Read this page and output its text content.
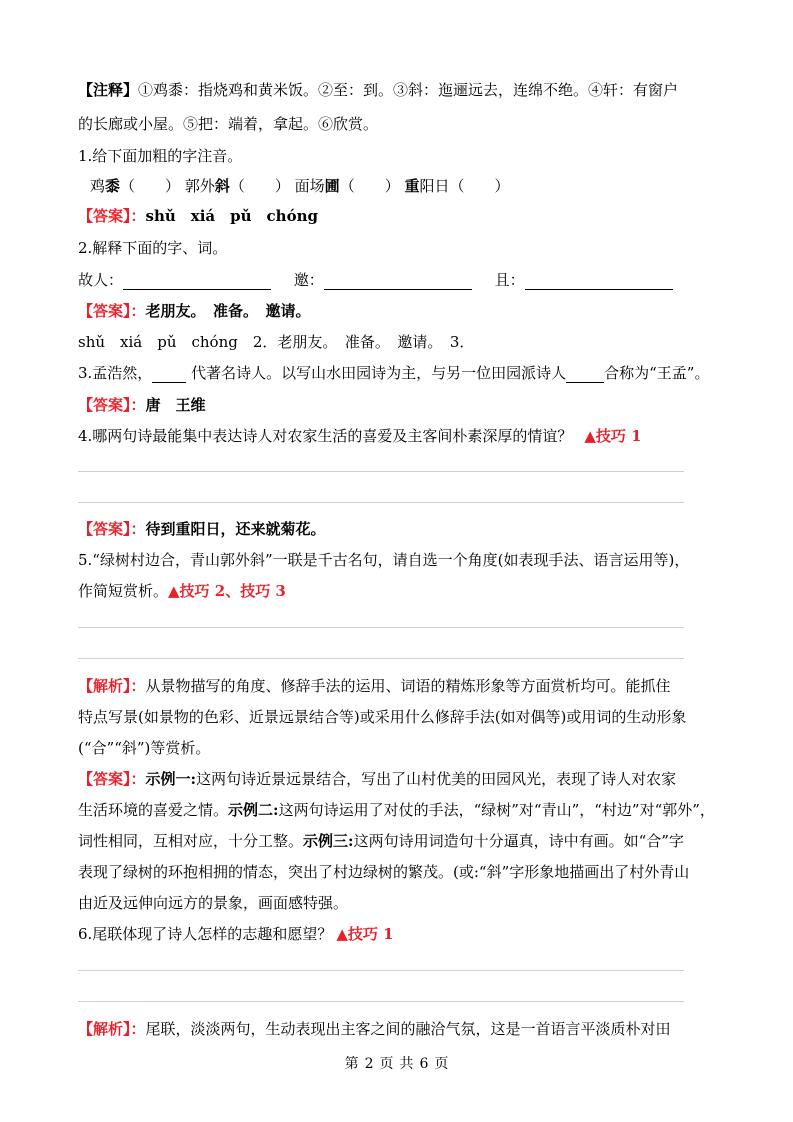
【注释】①鸡黍：指烧鸡和黄米饭。②至：到。③斜：迤逦远去，连绵不绝。④轩：有窗户
的长廊或小屋。⑤把：端着，拿起。⑥欣赏。
1.给下面加粗的字注音。
鸡黍（　　） 郭外斜（　　） 面场圃（　　） 重阳日（　　）
【答案】：shǔ　xiá　pǔ　chóng
2.解释下面的字、词。
故人：	邀：	且：
【答案】：老朋友。　准备。　邀请。
shǔ　xiá　pǔ　chóng　2．老朋友。　准备。　邀请。　3．
3.孟浩然，	代著名诗人。以写山水田园诗为主，与另一位田园派诗人	合称为“王孟”。
【答案】：唐　王维
4.哪两句诗最能集中表达诗人对农家生活的喜爱及主客间朴素深厚的情谊？ ▲技巧 1
【答案】：待到重阳日，还来就菊花。
5.“绿树村边合，青山郭外斜”一联是千古名句，请自选一个角度(如表现手法、语言运用等)，
作简短赏析。▲技巧 2、技巧 3
【解析】：从景物描写的角度、修辞手法的运用、词语的精炼形象等方面赏析均可。能抓住
特点写景(如景物的色彩、近景远景结合等)或采用什么修辞手法(如对偶等)或用词的生动形象
(“合”“斜”)等赏析。
【答案】：示例一:这两句诗近景远景结合，写出了山村优美的田园风光，表现了诗人对农家
生活环境的喜爱之情。示例二:这两句诗运用了对仗的手法，“绿树”对“青山”，“村边”对“郭外”，
词性相同，互相对应，十分工整。示例三:这两句诗用词造句十分逼真，诗中有画。如“合”字
表现了绿树的环抱相拥的情态，突出了村边绿树的繁茂。(或:“斜”字形象地描画出了村外青山
由近及远伸向远方的景象，画面感特强。
6.尾联体现了诗人怎样的志趣和愿望？ ▲技巧 1
【解析】：尾联，淡淡两句，生动表现出主客之间的融洽气氛，这是一首语言平淡质朴对田
第 2 页 共 6 页
